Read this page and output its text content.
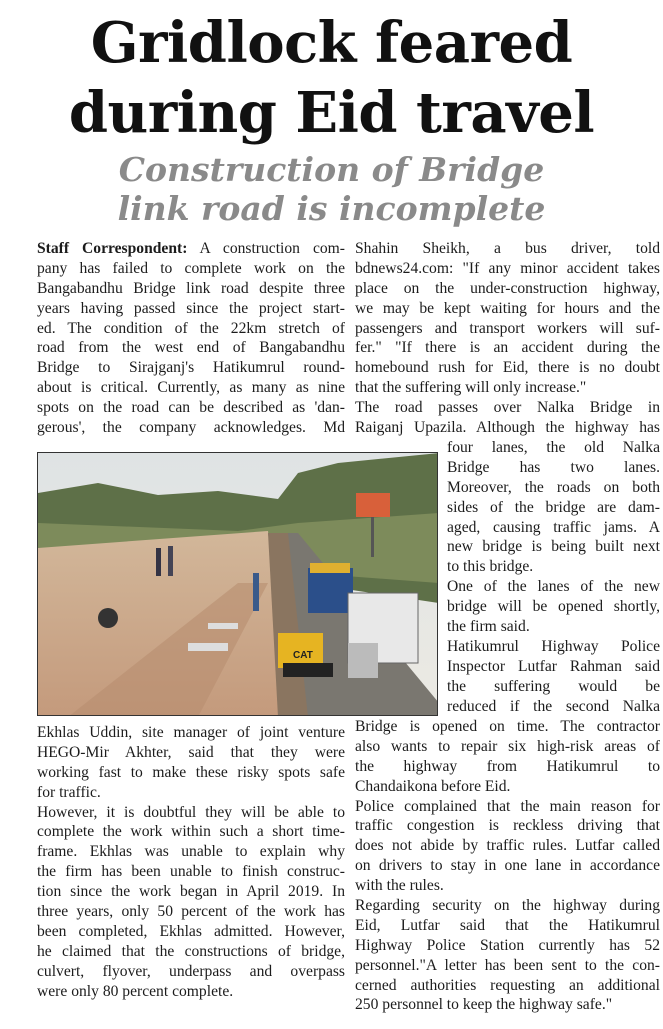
Gridlock feared
during Eid travel
Construction of Bridge
link road is incomplete
Staff Correspondent: A construction com-
pany has failed to complete work on the
Bangabandhu Bridge link road despite three
years having passed since the project start-
ed. The condition of the 22km stretch of
road from the west end of Bangabandhu
Bridge to Sirajganj's Hatikumrul round-
about is critical. Currently, as many as nine
spots on the road can be described as 'dan-
gerous', the company acknowledges. Md
CAT
Ekhlas Uddin, site manager of joint venture
HEGO-Mir Akhter, said that they were
working fast to make these risky spots safe
for traffic.
However, it is doubtful they will be able to
complete the work within such a short time-
frame. Ekhlas was unable to explain why
the firm has been unable to finish construc-
tion since the work began in April 2019. In
three years, only 50 percent of the work has
been completed, Ekhlas admitted. However,
he claimed that the constructions of bridge,
culvert, flyover, underpass and overpass
were only 80 percent complete.
Shahin Sheikh, a bus driver, told
bdnews24.com: "If any minor accident takes
place on the under-construction highway,
we may be kept waiting for hours and the
passengers and transport workers will suf-
fer." "If there is an accident during the
homebound rush for Eid, there is no doubt
that the suffering will only increase."
The road passes over Nalka Bridge in
Raiganj Upazila. Although the highway has
four lanes, the old Nalka
Bridge has two lanes.
Moreover, the roads on both
sides of the bridge are dam-
aged, causing traffic jams. A
new bridge is being built next
to this bridge.
One of the lanes of the new
bridge will be opened shortly,
the firm said.
Hatikumrul Highway Police
Inspector Lutfar Rahman said
the suffering would be
reduced if the second Nalka
Bridge is opened on time. The contractor
also wants to repair six high-risk areas of
the highway from Hatikumrul to
Chandaikona before Eid.
Police complained that the main reason for
traffic congestion is reckless driving that
does not abide by traffic rules. Lutfar called
on drivers to stay in one lane in accordance
with the rules.
Regarding security on the highway during
Eid, Lutfar said that the Hatikumrul
Highway Police Station currently has 52
personnel."A letter has been sent to the con-
cerned authorities requesting an additional
250 personnel to keep the highway safe."
